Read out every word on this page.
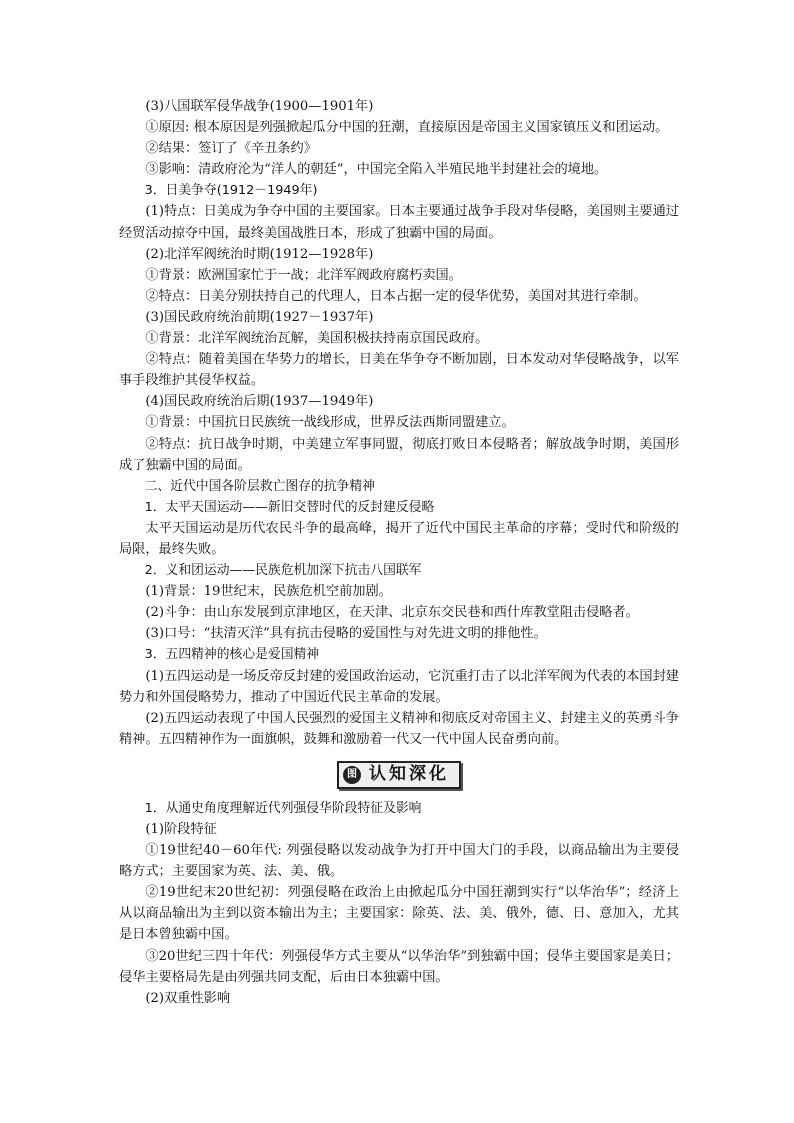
(3)八国联军侵华战争(1900—1901年)

①原因: 根本原因是列强掀起瓜分中国的狂潮，直接原因是帝国主义国家镇压义和团运动。

②结果：签订了《辛丑条约》

③影响：清政府沦为“洋人的朝廷”，中国完全陷入半殖民地半封建社会的境地。

3．日美争夺(1912－1949年)

(1)特点：日美成为争夺中国的主要国家。日本主要通过战争手段对华侵略，美国则主要通过经贸活动掠夺中国，最终美国战胜日本，形成了独霸中国的局面。

(2)北洋军阀统治时期(1912—1928年)

①背景：欧洲国家忙于一战；北洋军阀政府腐朽卖国。

②特点：日美分别扶持自己的代理人，日本占据一定的侵华优势，美国对其进行牵制。

(3)国民政府统治前期(1927－1937年)

①背景：北洋军阀统治瓦解，美国积极扶持南京国民政府。

②特点：随着美国在华势力的增长，日美在华争夺不断加剧，日本发动对华侵略战争，以军事手段维护其侵华权益。

(4)国民政府统治后期(1937—1949年)

①背景：中国抗日民族统一战线形成，世界反法西斯同盟建立。

②特点：抗日战争时期，中美建立军事同盟，彻底打败日本侵略者；解放战争时期，美国形成了独霸中国的局面。

二、近代中国各阶层救亡图存的抗争精神

1．太平天国运动——新旧交替时代的反封建反侵略

太平天国运动是历代农民斗争的最高峰，揭开了近代中国民主革命的序幕；受时代和阶级的局限，最终失败。

2．义和团运动——民族危机加深下抗击八国联军

(1)背景：19世纪末，民族危机空前加剧。

(2)斗争：由山东发展到京津地区，在天津、北京东交民巷和西什库教堂阻击侵略者。

(3)口号：“扶清灭洋”具有抗击侵略的爱国性与对先进文明的排他性。

3．五四精神的核心是爱国精神

(1)五四运动是一场反帝反封建的爱国政治运动，它沉重打击了以北洋军阀为代表的本国封建势力和外国侵略势力，推动了中国近代民主革命的发展。

(2)五四运动表现了中国人民强烈的爱国主义精神和彻底反对帝国主义、封建主义的英勇斗争精神。五四精神作为一面旗帜，鼓舞和激励着一代又一代中国人民奋勇向前。

图 认知深化

1．从通史角度理解近代列强侵华阶段特征及影响

(1)阶段特征

①19世纪40－60年代: 列强侵略以发动战争为打开中国大门的手段，以商品输出为主要侵略方式；主要国家为英、法、美、俄。

②19世纪末20世纪初：列强侵略在政治上由掀起瓜分中国狂潮到实行“以华治华”；经济上从以商品输出为主到以资本输出为主；主要国家：除英、法、美、俄外，德、日、意加入，尤其是日本曾独霸中国。

③20世纪三四十年代：列强侵华方式主要从“以华治华”到独霸中国；侵华主要国家是美日；侵华主要格局先是由列强共同支配，后由日本独霸中国。

(2)双重性影响
